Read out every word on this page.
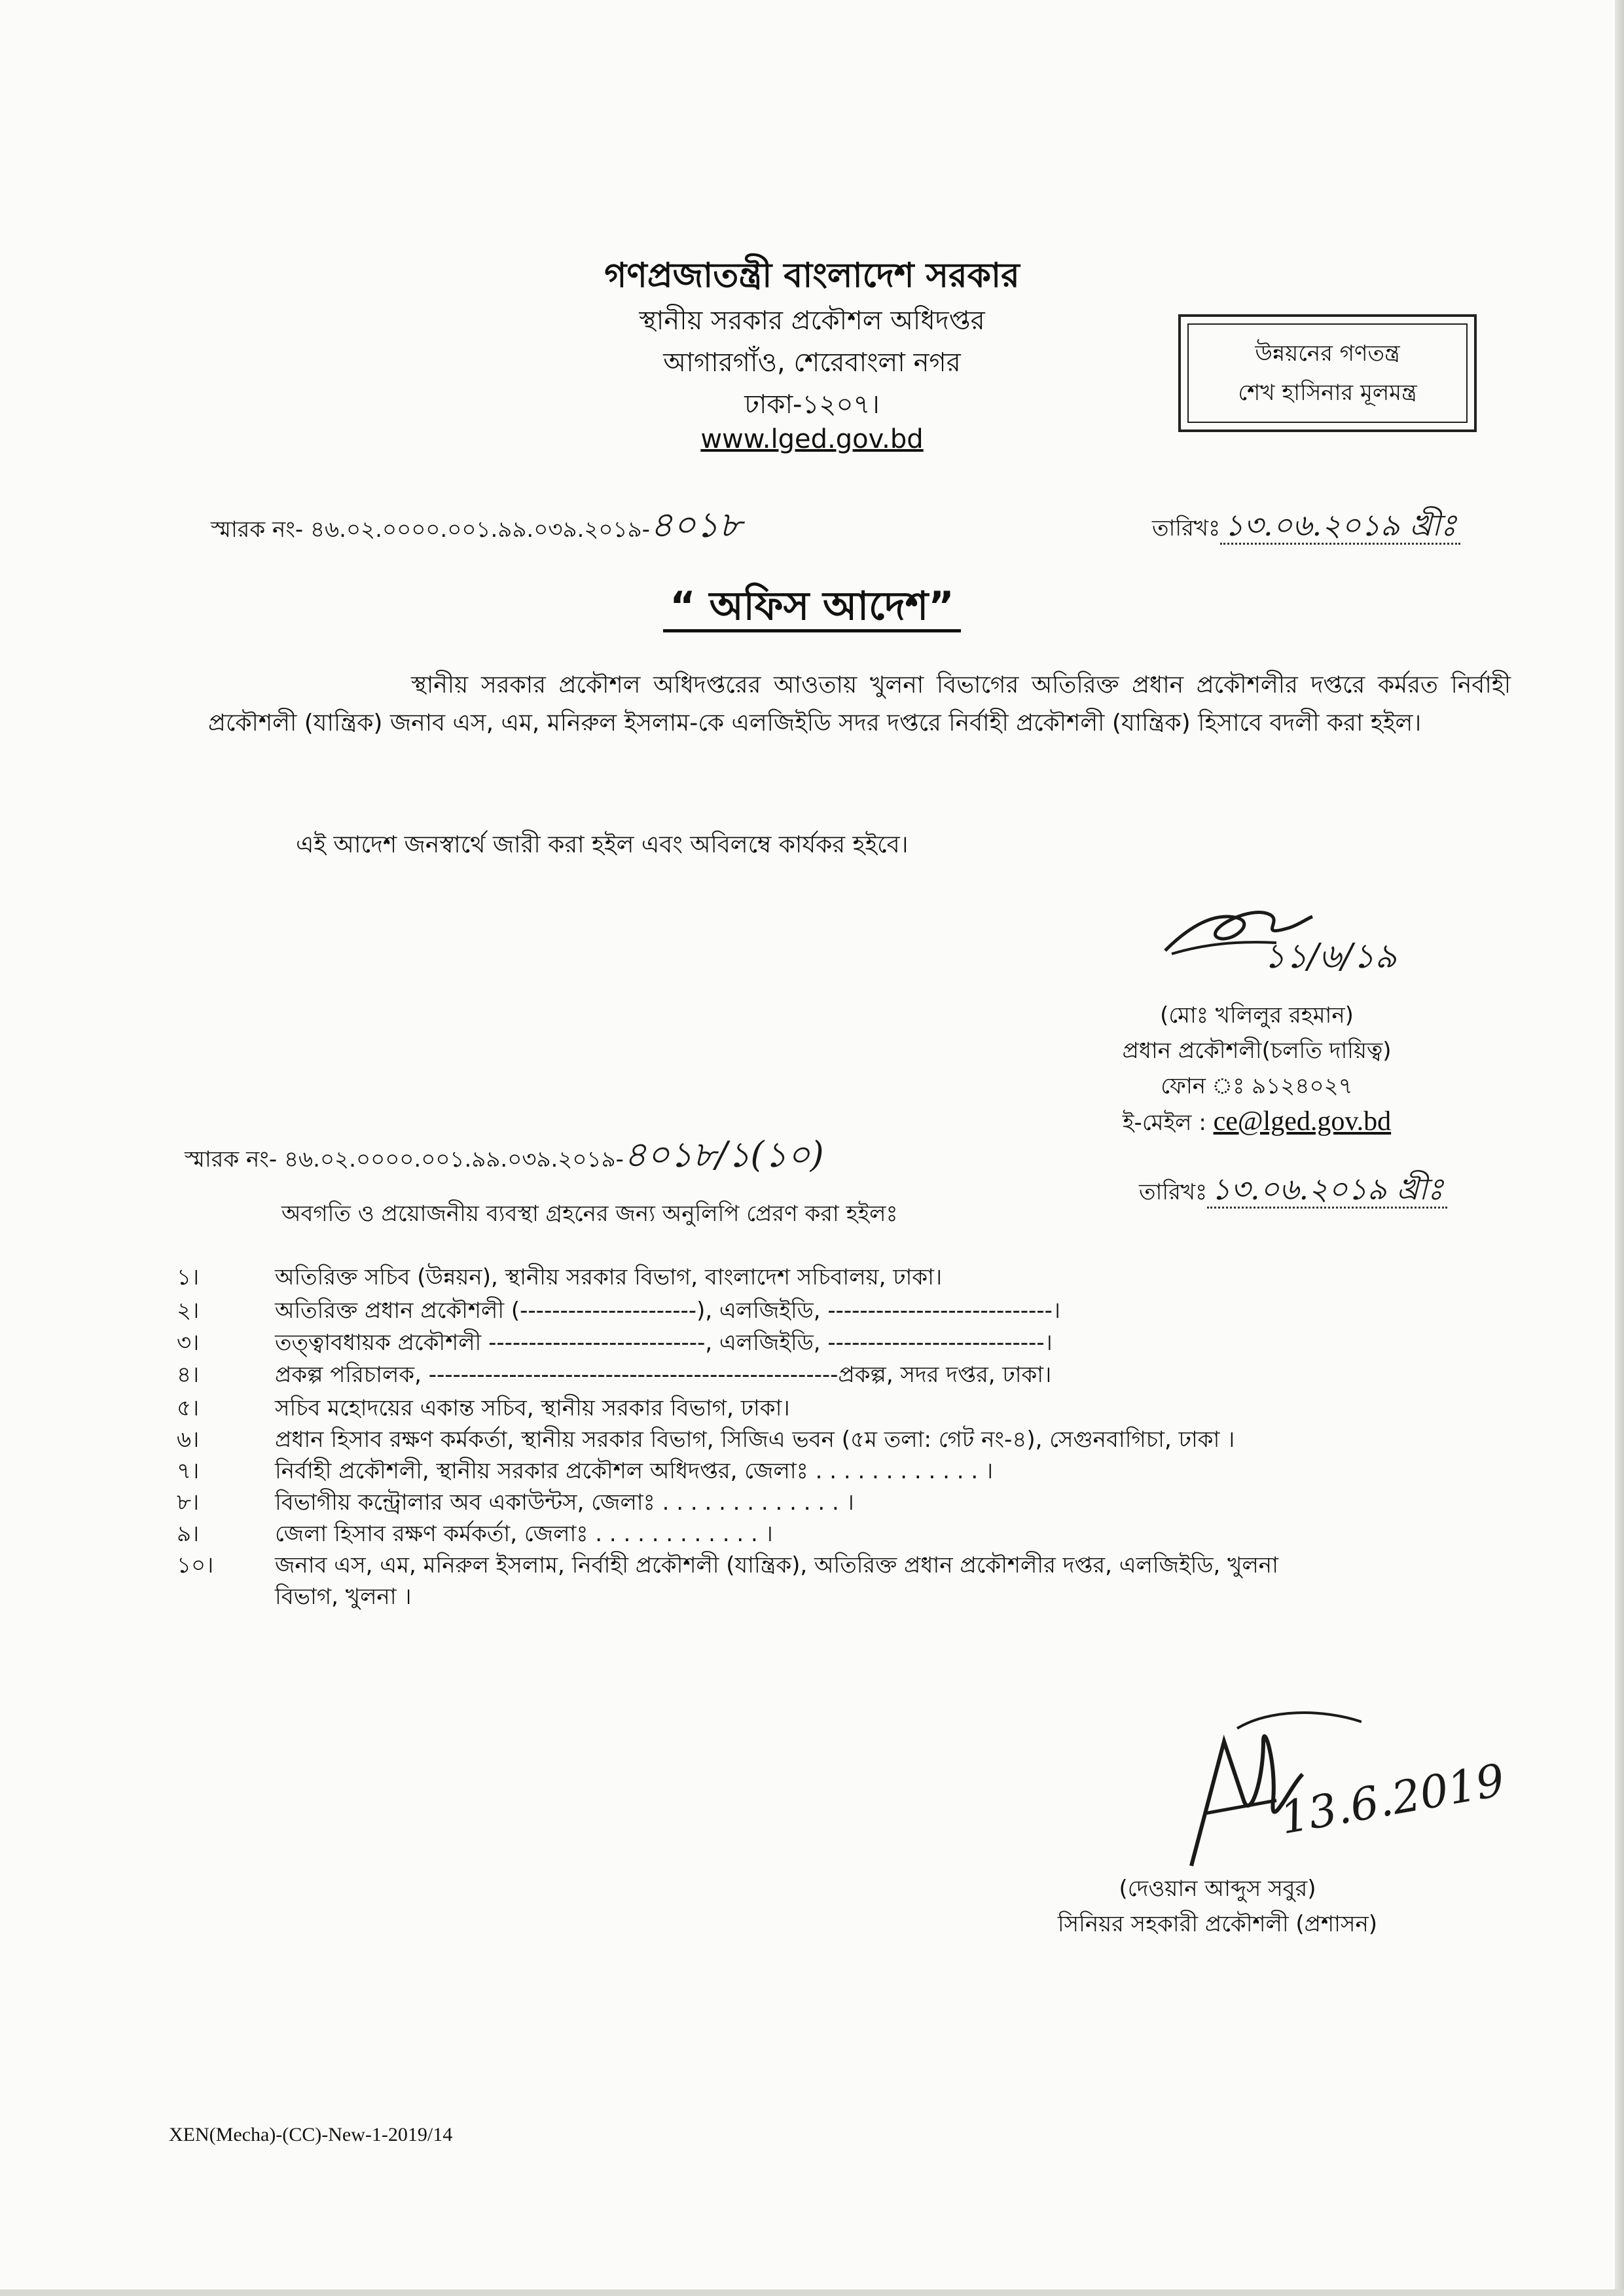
গণপ্রজাতন্ত্রী বাংলাদেশ সরকার
স্থানীয় সরকার প্রকৌশল অধিদপ্তর
আগারগাঁও, শেরেবাংলা নগর
ঢাকা-১২০৭।
www.lged.gov.bd
উন্নয়নের গণতন্ত্র
শেখ হাসিনার মূলমন্ত্র
স্মারক নং- ৪৬.০২.০০০০.০০১.৯৯.০৩৯.২০১৯-৪০১৮	তারিখঃ ১৩.০৬.২০১৯ খ্রীঃ
“ অফিস আদেশ”
স্থানীয় সরকার প্রকৌশল অধিদপ্তরের আওতায় খুলনা বিভাগের অতিরিক্ত প্রধান প্রকৌশলীর দপ্তরে কর্মরত নির্বাহী প্রকৌশলী (যান্ত্রিক) জনাব এস, এম, মনিরুল ইসলাম-কে এলজিইডি সদর দপ্তরে নির্বাহী প্রকৌশলী (যান্ত্রিক) হিসাবে বদলী করা হইল।
এই আদেশ জনস্বার্থে জারী করা হইল এবং অবিলম্বে কার্যকর হইবে।
১১/৬/১৯
(মোঃ খলিলুর রহমান)
প্রধান প্রকৌশলী(চলতি দায়িত্ব)
ফোন ঃ ৯১২৪০২৭
ই-মেইল : ce@lged.gov.bd
স্মারক নং- ৪৬.০২.০০০০.০০১.৯৯.০৩৯.২০১৯-৪০১৮/১(১০)
তারিখঃ ১৩.০৬.২০১৯ খ্রীঃ
অবগতি ও প্রয়োজনীয় ব্যবস্থা গ্রহনের জন্য অনুলিপি প্রেরণ করা হইলঃ
১।	অতিরিক্ত সচিব (উন্নয়ন), স্থানীয় সরকার বিভাগ, বাংলাদেশ সচিবালয়, ঢাকা।
২।	অতিরিক্ত প্রধান প্রকৌশলী (----------------------), এলজিইডি, ----------------------------।
৩।	তত্ত্বাবধায়ক প্রকৌশলী ---------------------------, এলজিইডি, ---------------------------।
৪।	প্রকল্প পরিচালক, ---------------------------------------------------প্রকল্প, সদর দপ্তর, ঢাকা।
৫।	সচিব মহোদয়ের একান্ত সচিব, স্থানীয় সরকার বিভাগ, ঢাকা।
৬।	প্রধান হিসাব রক্ষণ কর্মকর্তা, স্থানীয় সরকার বিভাগ, সিজিএ ভবন (৫ম তলা: গেট নং-৪), সেগুনবাগিচা, ঢাকা ।
৭।	নির্বাহী প্রকৌশলী, স্থানীয় সরকার প্রকৌশল অধিদপ্তর, জেলাঃ . . . . . . . . . . . . ।
৮।	বিভাগীয় কন্ট্রোলার অব একাউন্টস, জেলাঃ . . . . . . . . . . . . . ।
৯।	জেলা হিসাব রক্ষণ কর্মকর্তা, জেলাঃ . . . . . . . . . . . . ।
১০।	জনাব এস, এম, মনিরুল ইসলাম, নির্বাহী প্রকৌশলী (যান্ত্রিক), অতিরিক্ত প্রধান প্রকৌশলীর দপ্তর, এলজিইডি, খুলনা
বিভাগ, খুলনা ।
13.6.2019
(দেওয়ান আব্দুস সবুর)
সিনিয়র সহকারী প্রকৌশলী (প্রশাসন)
XEN(Mecha)-(CC)-New-1-2019/14
